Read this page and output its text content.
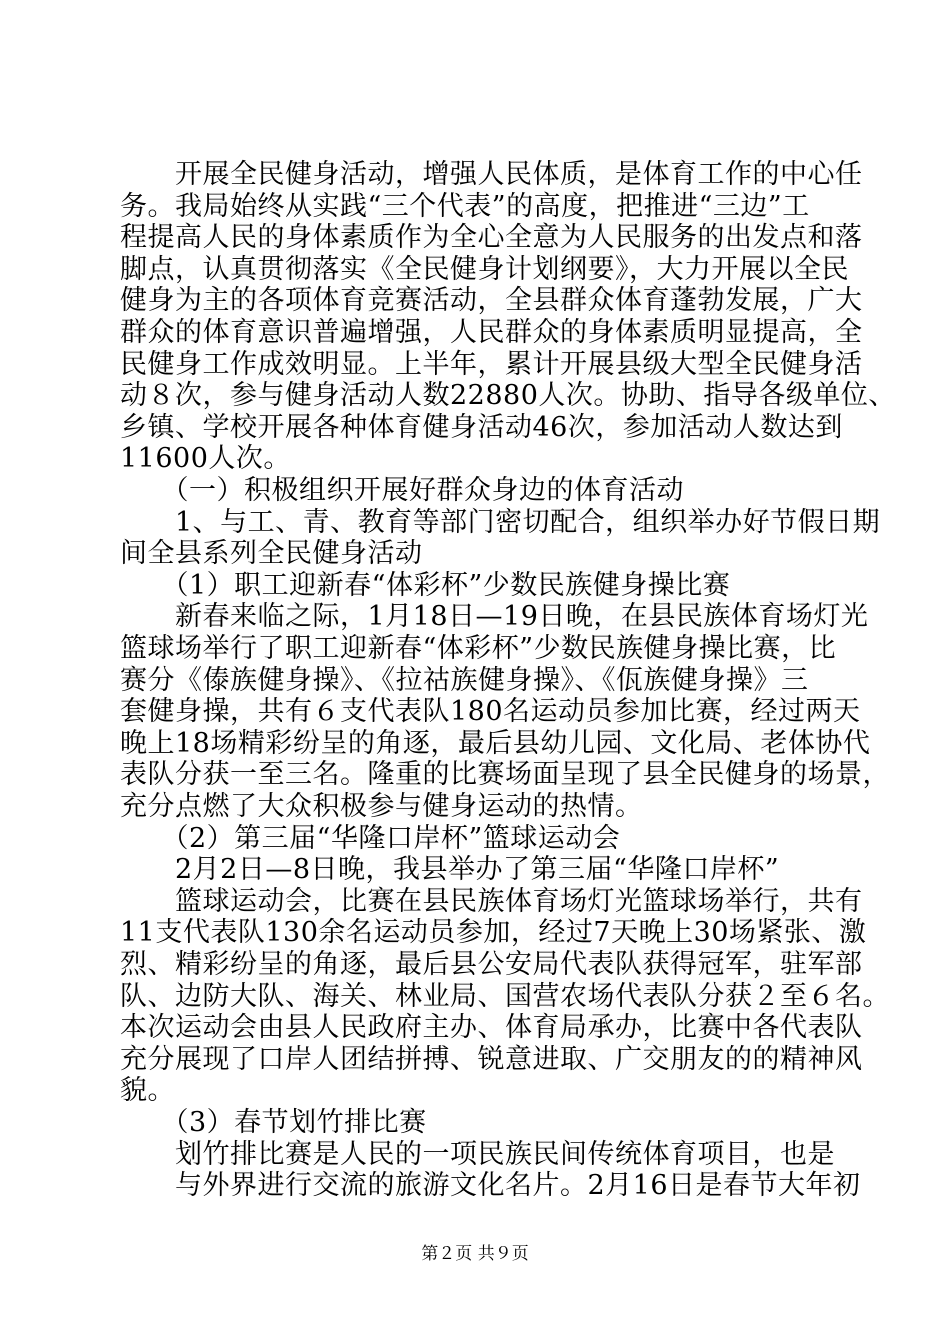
　　开展全民健身活动，增强人民体质，是体育工作的中心任
务。我局始终从实践“三个代表”的高度，把推进“三边”工
程提高人民的身体素质作为全心全意为人民服务的出发点和落
脚点，认真贯彻落实《全民健身计划纲要》，大力开展以全民
健身为主的各项体育竞赛活动，全县群众体育蓬勃发展，广大
群众的体育意识普遍增强，人民群众的身体素质明显提高，全
民健身工作成效明显。上半年，累计开展县级大型全民健身活
动８次，参与健身活动人数22880人次。协助、指导各级单位、
乡镇、学校开展各种体育健身活动46次，参加活动人数达到
11600人次。
　　（一）积极组织开展好群众身边的体育活动
　　1、与工、青、教育等部门密切配合，组织举办好节假日期
间全县系列全民健身活动
　　（1）职工迎新春“体彩杯”少数民族健身操比赛
　　新春来临之际，1月18日—19日晚，在县民族体育场灯光
篮球场举行了职工迎新春“体彩杯”少数民族健身操比赛，比
赛分《傣族健身操》、《拉祜族健身操》、《佤族健身操》三
套健身操，共有６支代表队180名运动员参加比赛，经过两天
晚上18场精彩纷呈的角逐，最后县幼儿园、文化局、老体协代
表队分获一至三名。隆重的比赛场面呈现了县全民健身的场景，
充分点燃了大众积极参与健身运动的热情。
　　（2）第三届“华隆口岸杯”篮球运动会
　　2月2日—8日晚，我县举办了第三届“华隆口岸杯”
　　篮球运动会，比赛在县民族体育场灯光篮球场举行，共有
11支代表队130余名运动员参加，经过7天晚上30场紧张、激
烈、精彩纷呈的角逐，最后县公安局代表队获得冠军，驻军部
队、边防大队、海关、林业局、国营农场代表队分获２至６名。
本次运动会由县人民政府主办、体育局承办，比赛中各代表队
充分展现了口岸人团结拼搏、锐意进取、广交朋友的的精神风
貌。
　　（3）春节划竹排比赛
　　划竹排比赛是人民的一项民族民间传统体育项目，也是
　　与外界进行交流的旅游文化名片。2月16日是春节大年初
第２页 共９页
